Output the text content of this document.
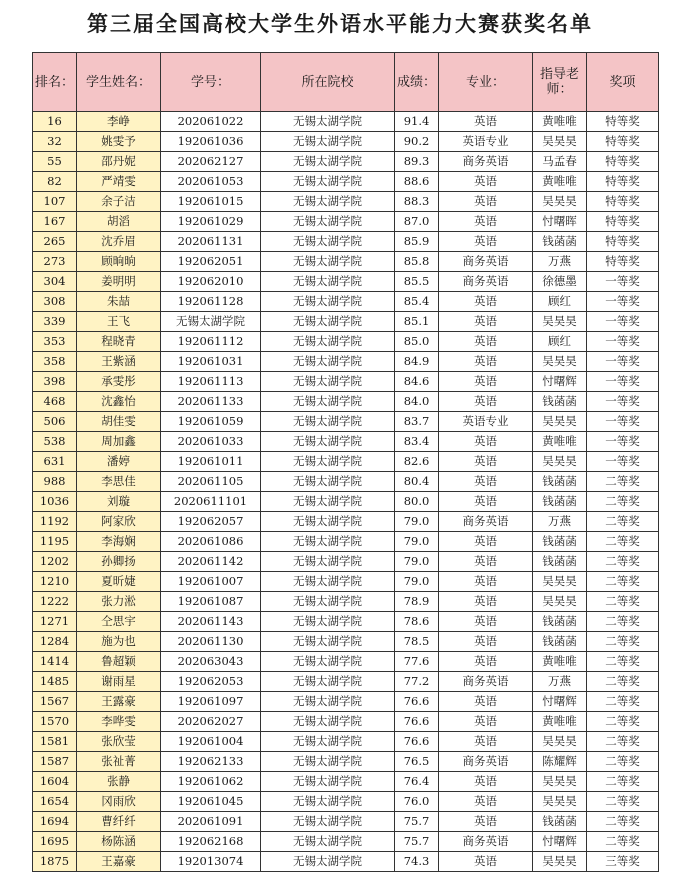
第三届全国高校大学生外语水平能力大赛获奖名单
排名：	学生姓名：	学号：	所在院校	成绩：	专业：	指导老师：	奖项
16	李峥	202061022	无锡太湖学院	91.4	英语	黄唯唯	特等奖
32	姚雯予	192061036	无锡太湖学院	90.2	英语专业	吴昊昊	特等奖
55	邵丹妮	202062127	无锡太湖学院	89.3	商务英语	马孟春	特等奖
82	严靖雯	202061053	无锡太湖学院	88.6	英语	黄唯唯	特等奖
107	余子洁	192061015	无锡太湖学院	88.3	英语	吴昊昊	特等奖
167	胡滔	192061029	无锡太湖学院	87.0	英语	忖曙晖	特等奖
265	沈乔眉	202061131	无锡太湖学院	85.9	英语	钱菡菡	特等奖
273	顾晌晌	192062051	无锡太湖学院	85.8	商务英语	万燕	特等奖
304	姜明明	192062010	无锡太湖学院	85.5	商务英语	徐德墨	一等奖
308	朱喆	192061128	无锡太湖学院	85.4	英语	顾红	一等奖
339	王飞	无锡太湖学院	无锡太湖学院	85.1	英语	吴昊昊	一等奖
353	程晓青	192061112	无锡太湖学院	85.0	英语	顾红	一等奖
358	王紫涵	192061031	无锡太湖学院	84.9	英语	吴昊昊	一等奖
398	承雯彤	192061113	无锡太湖学院	84.6	英语	忖曙辉	一等奖
468	沈鑫怡	202061133	无锡太湖学院	84.0	英语	钱菡菡	一等奖
506	胡佳雯	192061059	无锡太湖学院	83.7	英语专业	吴昊昊	一等奖
538	周加鑫	202061033	无锡太湖学院	83.4	英语	黄唯唯	一等奖
631	潘婷	192061011	无锡太湖学院	82.6	英语	吴昊昊	一等奖
988	李思佳	202061105	无锡太湖学院	80.4	英语	钱菡菡	二等奖
1036	刘璇	2020611101	无锡太湖学院	80.0	英语	钱菡菡	二等奖
1192	阿家欣	192062057	无锡太湖学院	79.0	商务英语	万燕	二等奖
1195	李海娴	202061086	无锡太湖学院	79.0	英语	钱菡菡	二等奖
1202	孙卿扬	202061142	无锡太湖学院	79.0	英语	钱菡菡	二等奖
1210	夏昕婕	192061007	无锡太湖学院	79.0	英语	吴昊昊	二等奖
1222	张力淞	192061087	无锡太湖学院	78.9	英语	吴昊昊	二等奖
1271	仝思宇	202061143	无锡太湖学院	78.6	英语	钱菡菡	二等奖
1284	施为也	202061130	无锡太湖学院	78.5	英语	钱菡菡	二等奖
1414	鲁超颖	202063043	无锡太湖学院	77.6	英语	黄唯唯	二等奖
1485	谢雨星	192062053	无锡太湖学院	77.2	商务英语	万燕	二等奖
1567	王露豪	192061097	无锡太湖学院	76.6	英语	忖曙辉	二等奖
1570	李哗雯	202062027	无锡太湖学院	76.6	英语	黄唯唯	二等奖
1581	张欣莹	192061004	无锡太湖学院	76.6	英语	吴昊昊	二等奖
1587	张祉菁	192062133	无锡太湖学院	76.5	商务英语	陈耀辉	二等奖
1604	张静	192061062	无锡太湖学院	76.4	英语	吴昊昊	二等奖
1654	冈雨欣	192061045	无锡太湖学院	76.0	英语	吴昊昊	二等奖
1694	曹纤纤	202061091	无锡太湖学院	75.7	英语	钱菡菡	二等奖
1695	杨陈涵	192062168	无锡太湖学院	75.7	商务英语	忖曙辉	二等奖
1875	王嘉豪	192013074	无锡太湖学院	74.3	英语	吴昊昊	三等奖
